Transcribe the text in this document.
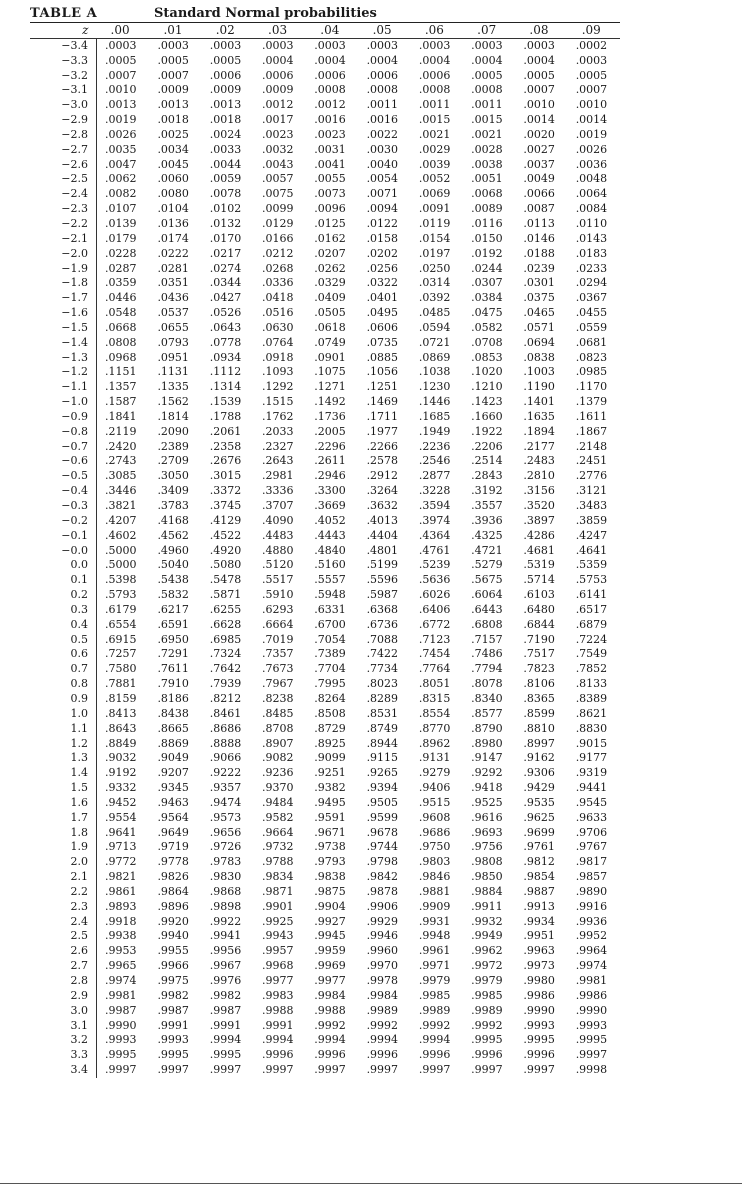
TABLE A	Standard Normal probabilities
z	.00	.01	.02	.03	.04	.05	.06	.07	.08	.09
−3.4	.0003	.0003	.0003	.0003	.0003	.0003	.0003	.0003	.0003	.0002
−3.3	.0005	.0005	.0005	.0004	.0004	.0004	.0004	.0004	.0004	.0003
−3.2	.0007	.0007	.0006	.0006	.0006	.0006	.0006	.0005	.0005	.0005
−3.1	.0010	.0009	.0009	.0009	.0008	.0008	.0008	.0008	.0007	.0007
−3.0	.0013	.0013	.0013	.0012	.0012	.0011	.0011	.0011	.0010	.0010
−2.9	.0019	.0018	.0018	.0017	.0016	.0016	.0015	.0015	.0014	.0014
−2.8	.0026	.0025	.0024	.0023	.0023	.0022	.0021	.0021	.0020	.0019
−2.7	.0035	.0034	.0033	.0032	.0031	.0030	.0029	.0028	.0027	.0026
−2.6	.0047	.0045	.0044	.0043	.0041	.0040	.0039	.0038	.0037	.0036
−2.5	.0062	.0060	.0059	.0057	.0055	.0054	.0052	.0051	.0049	.0048
−2.4	.0082	.0080	.0078	.0075	.0073	.0071	.0069	.0068	.0066	.0064
−2.3	.0107	.0104	.0102	.0099	.0096	.0094	.0091	.0089	.0087	.0084
−2.2	.0139	.0136	.0132	.0129	.0125	.0122	.0119	.0116	.0113	.0110
−2.1	.0179	.0174	.0170	.0166	.0162	.0158	.0154	.0150	.0146	.0143
−2.0	.0228	.0222	.0217	.0212	.0207	.0202	.0197	.0192	.0188	.0183
−1.9	.0287	.0281	.0274	.0268	.0262	.0256	.0250	.0244	.0239	.0233
−1.8	.0359	.0351	.0344	.0336	.0329	.0322	.0314	.0307	.0301	.0294
−1.7	.0446	.0436	.0427	.0418	.0409	.0401	.0392	.0384	.0375	.0367
−1.6	.0548	.0537	.0526	.0516	.0505	.0495	.0485	.0475	.0465	.0455
−1.5	.0668	.0655	.0643	.0630	.0618	.0606	.0594	.0582	.0571	.0559
−1.4	.0808	.0793	.0778	.0764	.0749	.0735	.0721	.0708	.0694	.0681
−1.3	.0968	.0951	.0934	.0918	.0901	.0885	.0869	.0853	.0838	.0823
−1.2	.1151	.1131	.1112	.1093	.1075	.1056	.1038	.1020	.1003	.0985
−1.1	.1357	.1335	.1314	.1292	.1271	.1251	.1230	.1210	.1190	.1170
−1.0	.1587	.1562	.1539	.1515	.1492	.1469	.1446	.1423	.1401	.1379
−0.9	.1841	.1814	.1788	.1762	.1736	.1711	.1685	.1660	.1635	.1611
−0.8	.2119	.2090	.2061	.2033	.2005	.1977	.1949	.1922	.1894	.1867
−0.7	.2420	.2389	.2358	.2327	.2296	.2266	.2236	.2206	.2177	.2148
−0.6	.2743	.2709	.2676	.2643	.2611	.2578	.2546	.2514	.2483	.2451
−0.5	.3085	.3050	.3015	.2981	.2946	.2912	.2877	.2843	.2810	.2776
−0.4	.3446	.3409	.3372	.3336	.3300	.3264	.3228	.3192	.3156	.3121
−0.3	.3821	.3783	.3745	.3707	.3669	.3632	.3594	.3557	.3520	.3483
−0.2	.4207	.4168	.4129	.4090	.4052	.4013	.3974	.3936	.3897	.3859
−0.1	.4602	.4562	.4522	.4483	.4443	.4404	.4364	.4325	.4286	.4247
−0.0	.5000	.4960	.4920	.4880	.4840	.4801	.4761	.4721	.4681	.4641
0.0	.5000	.5040	.5080	.5120	.5160	.5199	.5239	.5279	.5319	.5359
0.1	.5398	.5438	.5478	.5517	.5557	.5596	.5636	.5675	.5714	.5753
0.2	.5793	.5832	.5871	.5910	.5948	.5987	.6026	.6064	.6103	.6141
0.3	.6179	.6217	.6255	.6293	.6331	.6368	.6406	.6443	.6480	.6517
0.4	.6554	.6591	.6628	.6664	.6700	.6736	.6772	.6808	.6844	.6879
0.5	.6915	.6950	.6985	.7019	.7054	.7088	.7123	.7157	.7190	.7224
0.6	.7257	.7291	.7324	.7357	.7389	.7422	.7454	.7486	.7517	.7549
0.7	.7580	.7611	.7642	.7673	.7704	.7734	.7764	.7794	.7823	.7852
0.8	.7881	.7910	.7939	.7967	.7995	.8023	.8051	.8078	.8106	.8133
0.9	.8159	.8186	.8212	.8238	.8264	.8289	.8315	.8340	.8365	.8389
1.0	.8413	.8438	.8461	.8485	.8508	.8531	.8554	.8577	.8599	.8621
1.1	.8643	.8665	.8686	.8708	.8729	.8749	.8770	.8790	.8810	.8830
1.2	.8849	.8869	.8888	.8907	.8925	.8944	.8962	.8980	.8997	.9015
1.3	.9032	.9049	.9066	.9082	.9099	.9115	.9131	.9147	.9162	.9177
1.4	.9192	.9207	.9222	.9236	.9251	.9265	.9279	.9292	.9306	.9319
1.5	.9332	.9345	.9357	.9370	.9382	.9394	.9406	.9418	.9429	.9441
1.6	.9452	.9463	.9474	.9484	.9495	.9505	.9515	.9525	.9535	.9545
1.7	.9554	.9564	.9573	.9582	.9591	.9599	.9608	.9616	.9625	.9633
1.8	.9641	.9649	.9656	.9664	.9671	.9678	.9686	.9693	.9699	.9706
1.9	.9713	.9719	.9726	.9732	.9738	.9744	.9750	.9756	.9761	.9767
2.0	.9772	.9778	.9783	.9788	.9793	.9798	.9803	.9808	.9812	.9817
2.1	.9821	.9826	.9830	.9834	.9838	.9842	.9846	.9850	.9854	.9857
2.2	.9861	.9864	.9868	.9871	.9875	.9878	.9881	.9884	.9887	.9890
2.3	.9893	.9896	.9898	.9901	.9904	.9906	.9909	.9911	.9913	.9916
2.4	.9918	.9920	.9922	.9925	.9927	.9929	.9931	.9932	.9934	.9936
2.5	.9938	.9940	.9941	.9943	.9945	.9946	.9948	.9949	.9951	.9952
2.6	.9953	.9955	.9956	.9957	.9959	.9960	.9961	.9962	.9963	.9964
2.7	.9965	.9966	.9967	.9968	.9969	.9970	.9971	.9972	.9973	.9974
2.8	.9974	.9975	.9976	.9977	.9977	.9978	.9979	.9979	.9980	.9981
2.9	.9981	.9982	.9982	.9983	.9984	.9984	.9985	.9985	.9986	.9986
3.0	.9987	.9987	.9987	.9988	.9988	.9989	.9989	.9989	.9990	.9990
3.1	.9990	.9991	.9991	.9991	.9992	.9992	.9992	.9992	.9993	.9993
3.2	.9993	.9993	.9994	.9994	.9994	.9994	.9994	.9995	.9995	.9995
3.3	.9995	.9995	.9995	.9996	.9996	.9996	.9996	.9996	.9996	.9997
3.4	.9997	.9997	.9997	.9997	.9997	.9997	.9997	.9997	.9997	.9998
